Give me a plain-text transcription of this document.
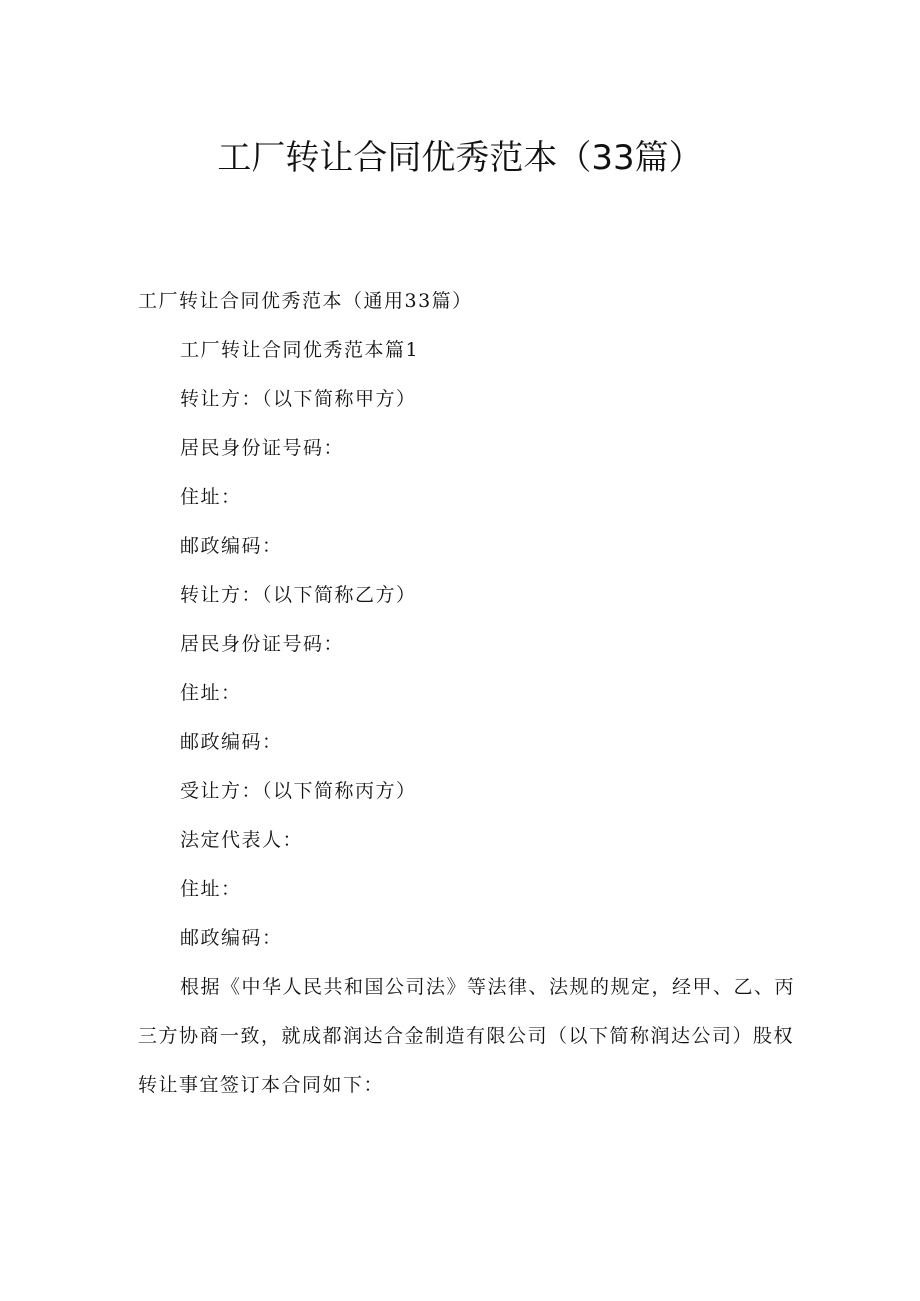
工厂转让合同优秀范本（33篇）
工厂转让合同优秀范本（通用33篇）
工厂转让合同优秀范本篇1
转让方：（以下简称甲方）
居民身份证号码：
住址：
邮政编码：
转让方：（以下简称乙方）
居民身份证号码：
住址：
邮政编码：
受让方：（以下简称丙方）
法定代表人：
住址：
邮政编码：
根据《中华人民共和国公司法》等法律、法规的规定，经甲、乙、丙
三方协商一致，就成都润达合金制造有限公司（以下简称润达公司）股权
转让事宜签订本合同如下：
